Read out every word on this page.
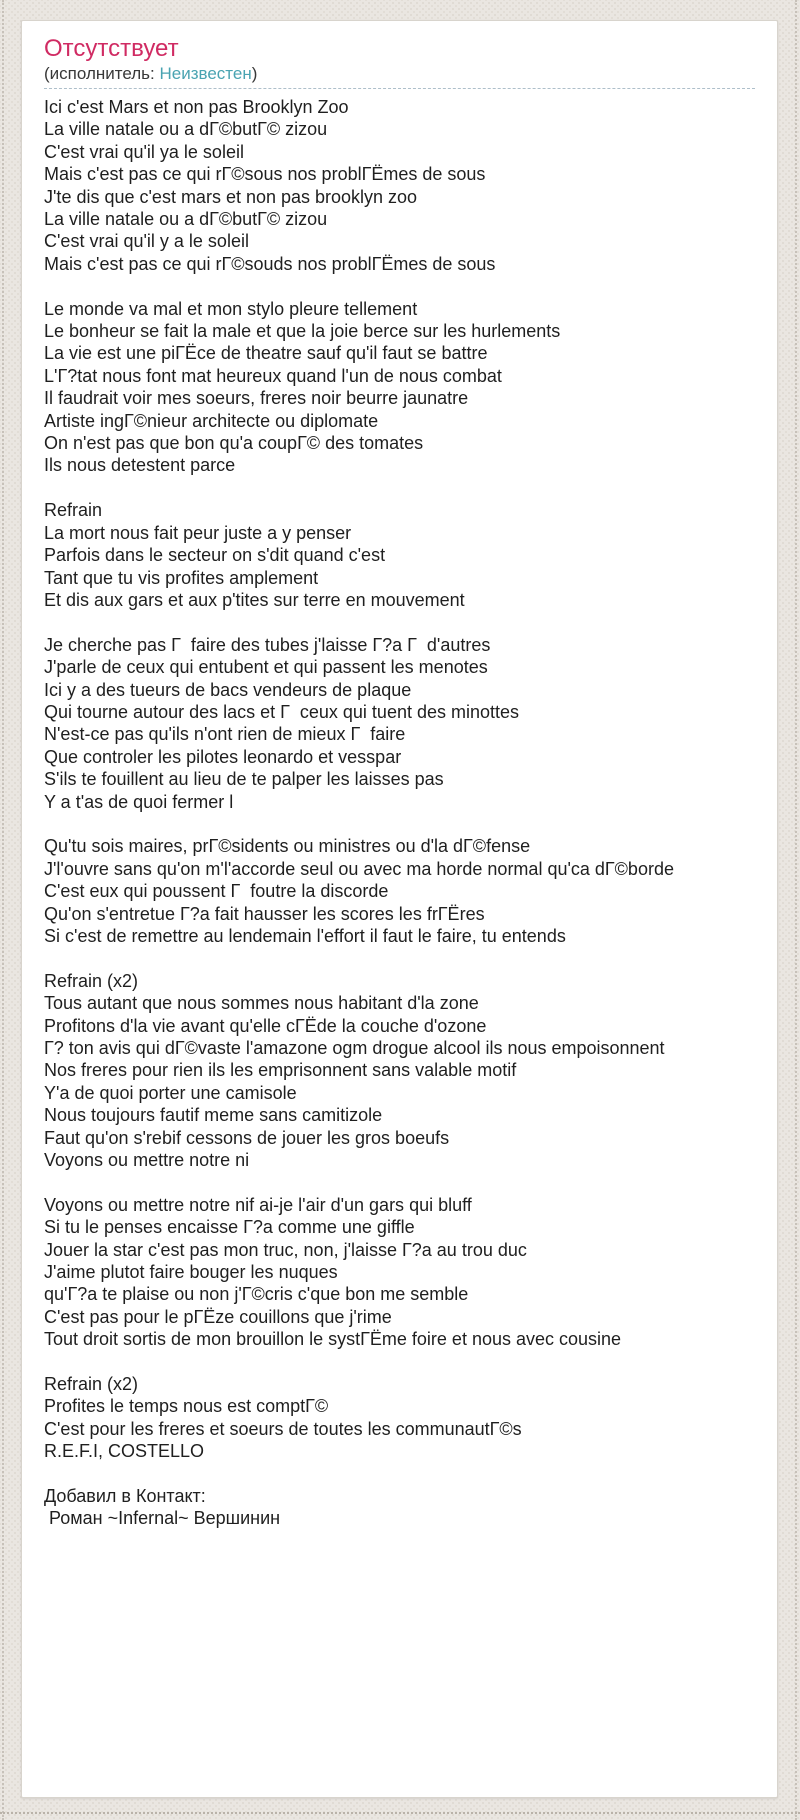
Отсутствует
(исполнитель: Неизвестен)
Ici c'est Mars et non pas Brooklyn Zoo
La ville natale ou a dГ©butГ© zizou
C'est vrai qu'il ya le soleil
Mais c'est pas ce qui rГ©sous nos problГЁmes de sous
J'te dis que c'est mars et non pas brooklyn zoo
La ville natale ou a dГ©butГ© zizou
C'est vrai qu'il y a le soleil
Mais c'est pas ce qui rГ©souds nos problГЁmes de sous
Le monde va mal et mon stylo pleure tellement
Le bonheur se fait la male et que la joie berce sur les hurlements
La vie est une piГЁce de theatre sauf qu'il faut se battre
L'Г?tat nous font mat heureux quand l'un de nous combat
Il faudrait voir mes soeurs, freres noir beurre jaunatre
Artiste ingГ©nieur architecte ou diplomate
On n'est pas que bon qu'a coupГ© des tomates
Ils nous detestent parce
Refrain
La mort nous fait peur juste a y penser
Parfois dans le secteur on s'dit quand c'est
Tant que tu vis profites amplement
Et dis aux gars et aux p'tites sur terre en mouvement
Je cherche pas Г  faire des tubes j'laisse Г?a Г  d'autres
J'parle de ceux qui entubent et qui passent les menotes
Ici y a des tueurs de bacs vendeurs de plaque
Qui tourne autour des lacs et Г  ceux qui tuent des minottes
N'est-ce pas qu'ils n'ont rien de mieux Г  faire
Que controler les pilotes leonardo et vesspar
S'ils te fouillent au lieu de te palper les laisses pas
Y a t'as de quoi fermer l
Qu'tu sois maires, prГ©sidents ou ministres ou d'la dГ©fense
J'l'ouvre sans qu'on m'l'accorde seul ou avec ma horde normal qu'ca dГ©borde
C'est eux qui poussent Г  foutre la discorde
Qu'on s'entretue Г?a fait hausser les scores les frГЁres
Si c'est de remettre au lendemain l'effort il faut le faire, tu entends
Refrain (x2)
Tous autant que nous sommes nous habitant d'la zone
Profitons d'la vie avant qu'elle cГЁde la couche d'ozone
Г? ton avis qui dГ©vaste l'amazone ogm drogue alcool ils nous empoisonnent
Nos freres pour rien ils les emprisonnent sans valable motif
Y'a de quoi porter une camisole
Nous toujours fautif meme sans camitizole
Faut qu'on s'rebif cessons de jouer les gros boeufs
Voyons ou mettre notre ni
Voyons ou mettre notre nif ai-je l'air d'un gars qui bluff
Si tu le penses encaisse Г?a comme une giffle
Jouer la star c'est pas mon truc, non, j'laisse Г?a au trou duc
J'aime plutot faire bouger les nuques
qu'Г?a te plaise ou non j'Г©cris c'que bon me semble
C'est pas pour le pГЁze couillons que j'rime
Tout droit sortis de mon brouillon le systГЁme foire et nous avec cousine
Refrain (x2)
Profites le temps nous est comptГ©
C'est pour les freres et soeurs de toutes les communautГ©s
R.E.F.I, COSTELLO
Добавил в Контакт:
Роман ~Infernal~ Вершинин
